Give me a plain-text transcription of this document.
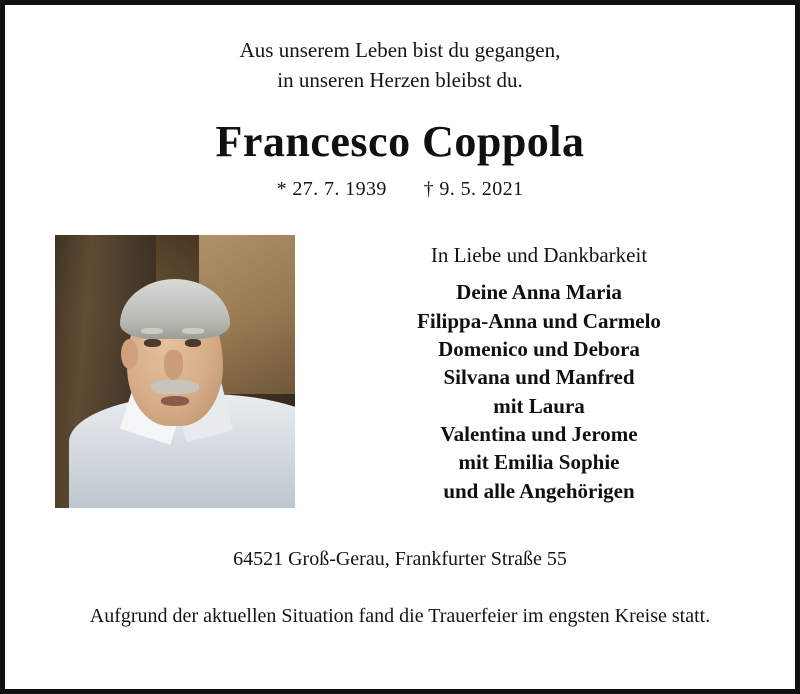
Aus unserem Leben bist du gegangen,
in unseren Herzen bleibst du.
Francesco Coppola
* 27. 7. 1939 † 9. 5. 2021
In Liebe und Dankbarkeit
Deine Anna Maria
Filippa-Anna und Carmelo
Domenico und Debora
Silvana und Manfred
mit Laura
Valentina und Jerome
mit Emilia Sophie
und alle Angehörigen
64521 Groß-Gerau, Frankfurter Straße 55
Aufgrund der aktuellen Situation fand die Trauerfeier im engsten Kreise statt.
